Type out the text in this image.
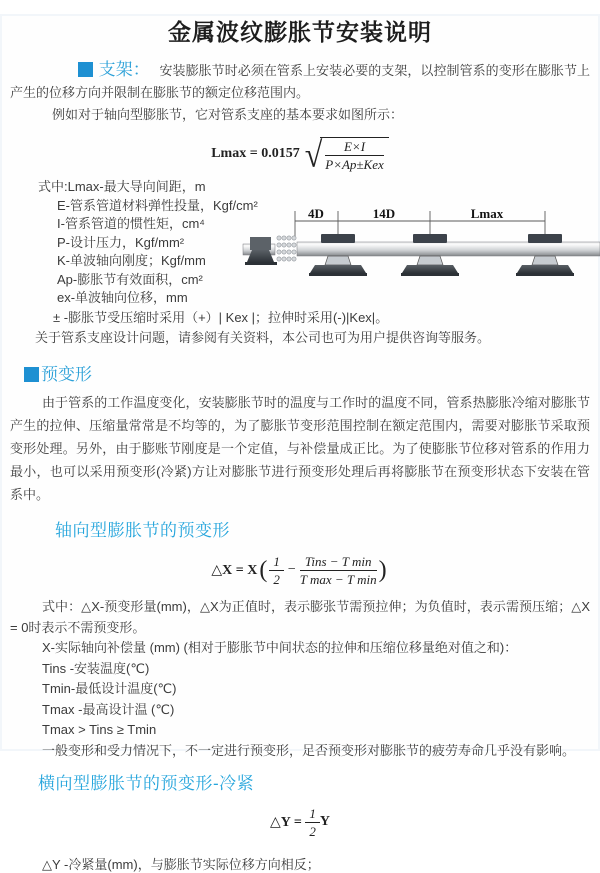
金属波纹膨胀节安装说明

支架： 安装膨胀节时必须在管系上安装必要的支架，以控制管系的变形在膨胀节上产生的位移方向并限制在膨胀节的额定位移范围内。

例如对于轴向型膨胀节，它对管系支座的基本要求如图所示：

Lmax = 0.0157 √ $\frac{E\times I}{\text{P×Ap±Kex}}$
式中:Lmax-最大导向间距，m
E-管系管道材料弹性投量，Kgf/cm²
I-管系管道的惯性矩，cm⁴
P-设计压力，Kgf/mm²
K-单波轴向刚度；Kgf/mm
Ap-膨胀节有效面积，cm²
ex-单波轴向位移，mm
± -膨胀节受压缩时采用（+）| Kex |；拉伸时采用(-)|Kex|。
关于管系支座设计问题，请参阅有关资料，本公司也可为用户提供咨询等服务。
4D	14D	Lmax
预变形

由于管系的工作温度变化，安装膨胀节时的温度与工作时的温度不同，管系热膨胀冷缩对膨胀节产生的拉伸、压缩量常常是不均等的，为了膨胀节变形范围控制在额定范围内，需要对膨胀节采取预变形处理。另外，由于膨账节刚度是一个定值，与补偿量成正比。为了使膨胀节位移对管系的作用力最小，也可以采用预变形(冷紧)方让对膨胀节进行预变形处理后再将膨胀节在预变形状态下安装在管系中。

轴向型膨胀节的预变形
△X = X ( $\frac{1}{2} - \frac{\text{Tins − T min}}{\text{T max − T min}}$ )
式中：△X-预变形量(mm)，△X为正值时，表示膨张节需预拉伸；为负值时，表示需预压缩；△X = 0时表示不需预变形。
X-实际轴向补偿量 (mm) (相对于膨胀节中间状态的拉伸和压缩位移量绝对值之和)：
Tins -安装温度(℃)
Tmin-最低设计温度(℃)
Tmax -最高设计温 (℃)
Tmax > Tins ≥ Tmin
一般变形和受力情况下，不一定进行预变形，足否预变形对膨胀节的疲劳寿命几乎没有影响。
横向型膨胀节的预变形-冷紧
△Y =
$\frac{1}{2}$ Y
△Y -冷紧量(mm)，与膨胀节实际位移方向相反；
